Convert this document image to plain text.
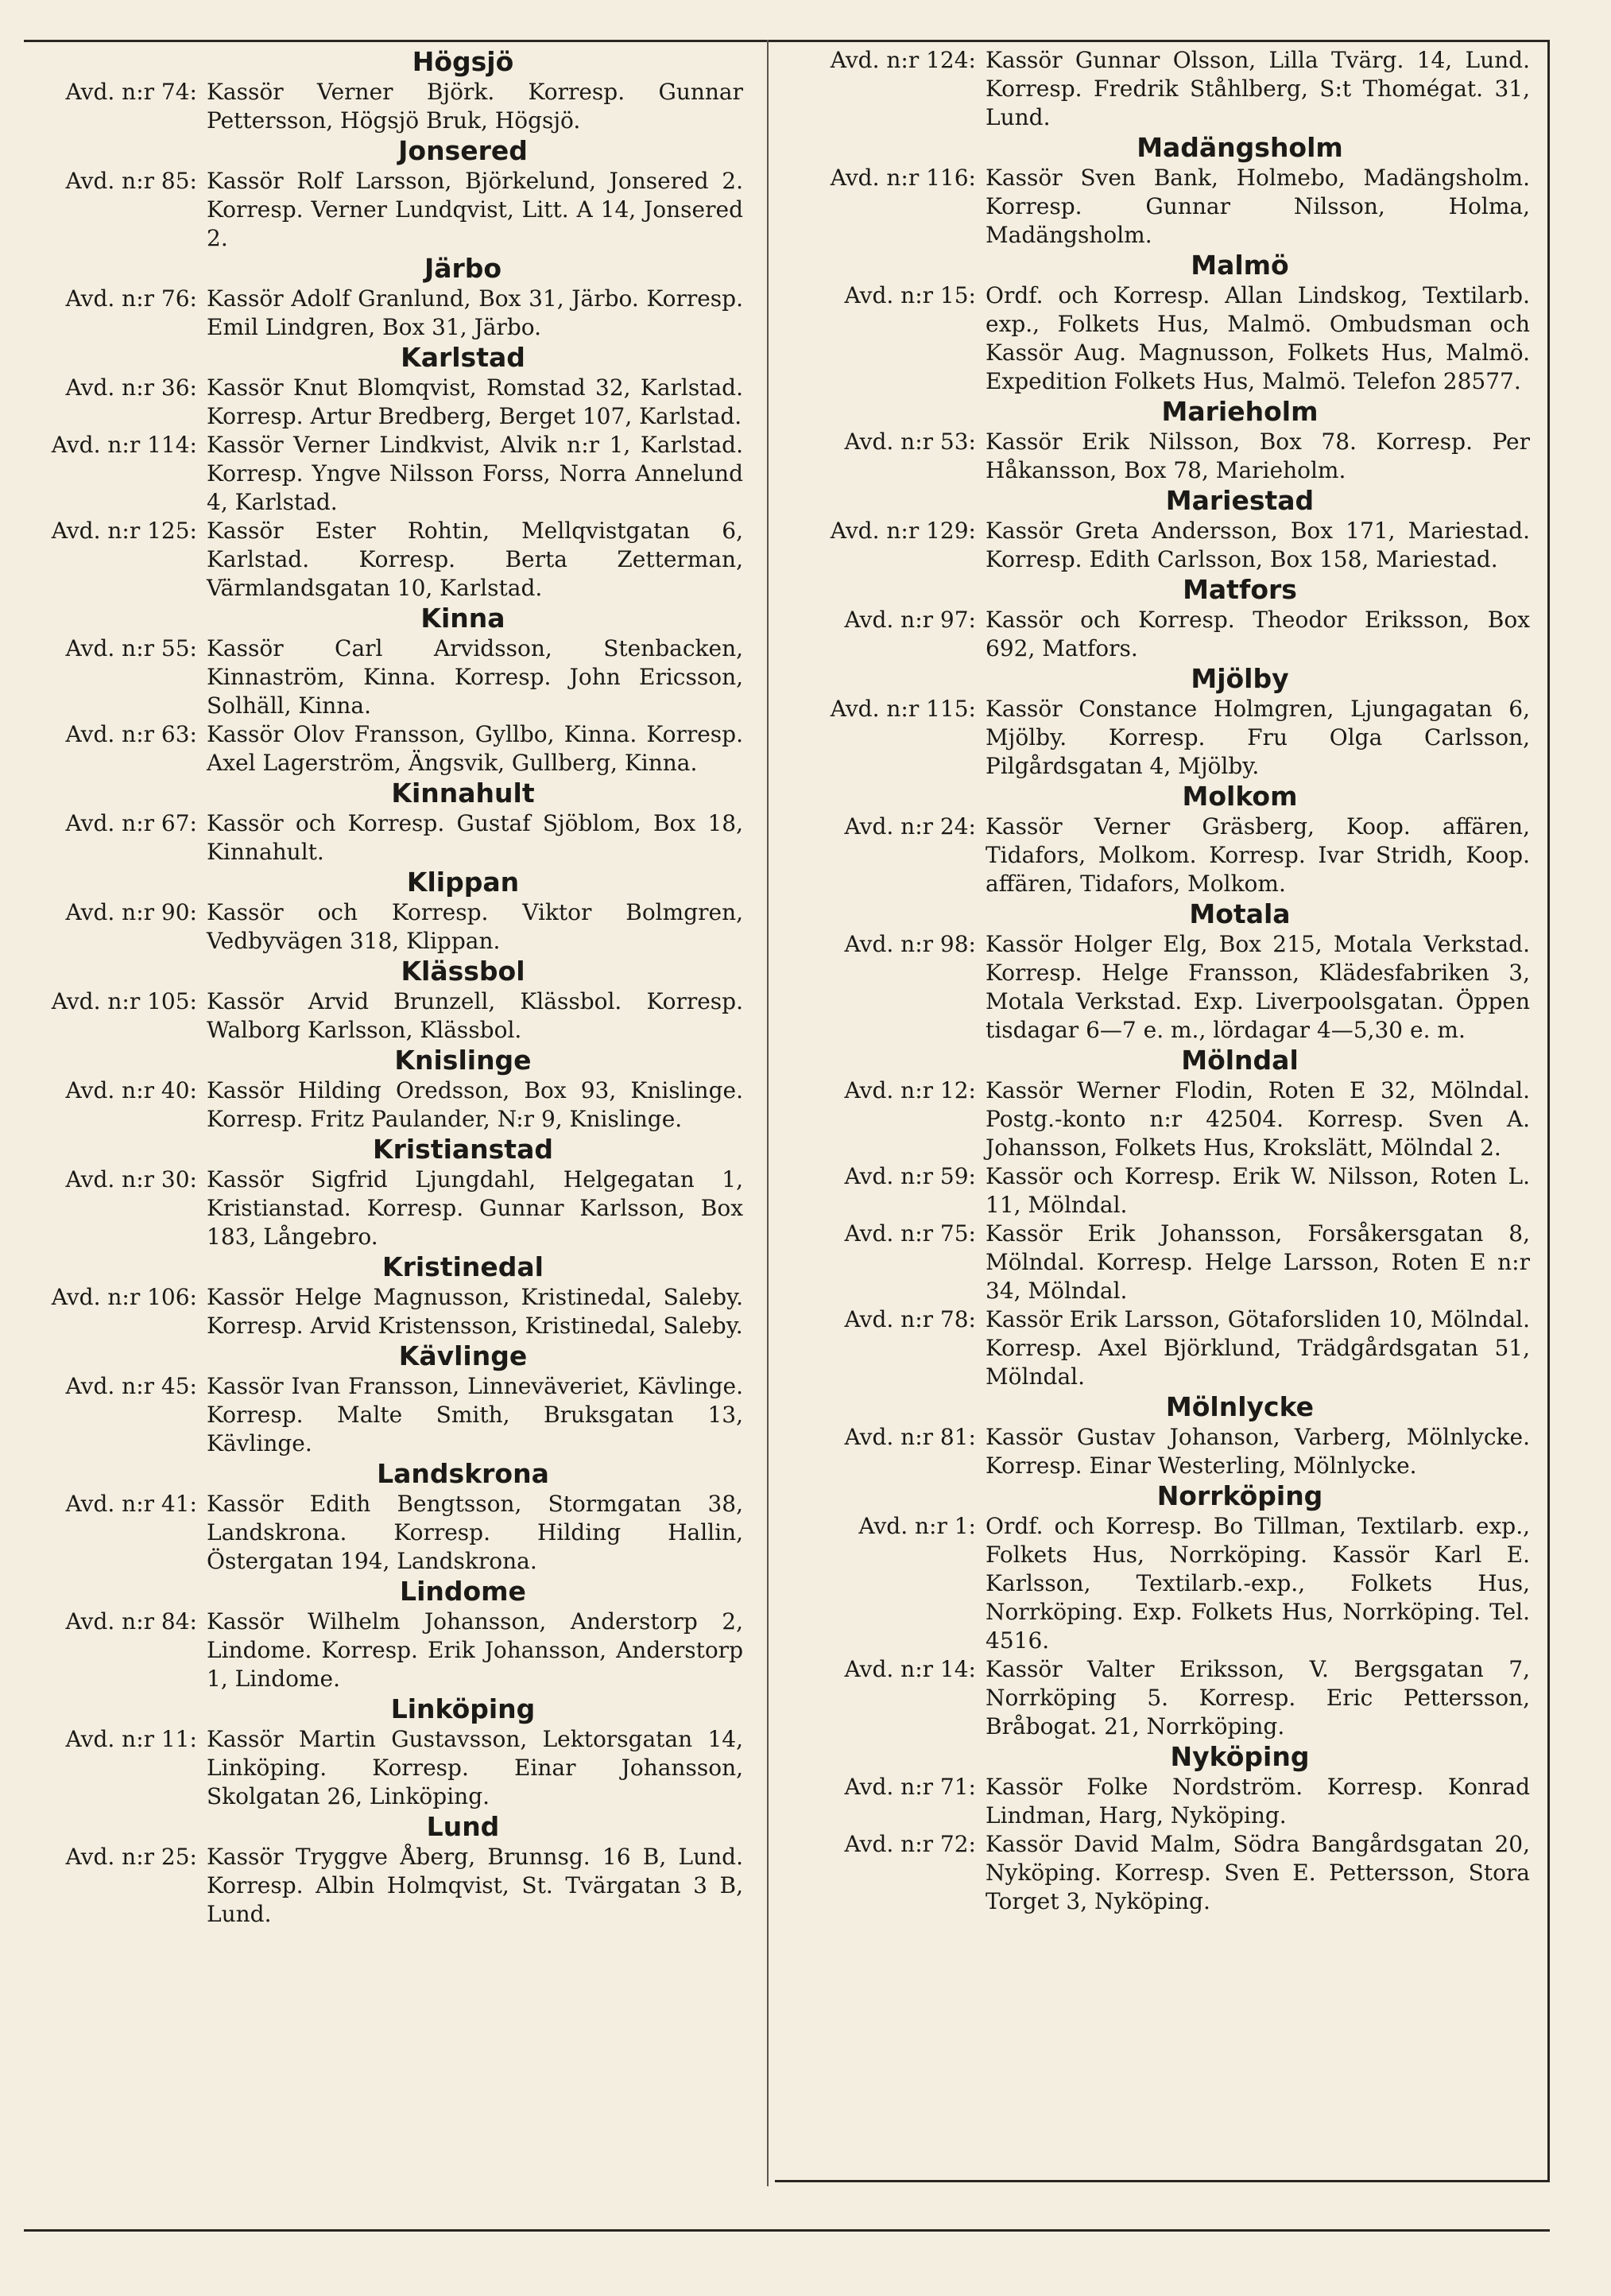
Högsjö
Avd. n:r 74: Kassör Verner Björk. Korresp. Gunnar Pettersson, Högsjö Bruk, Högsjö.
Jonsered
Avd. n:r 85: Kassör Rolf Larsson, Björkelund, Jonsered 2. Korresp. Verner Lundqvist, Litt. A 14, Jonsered 2.
Järbo
Avd. n:r 76: Kassör Adolf Granlund, Box 31, Järbo. Korresp. Emil Lindgren, Box 31, Järbo.
Karlstad
Avd. n:r 36: Kassör Knut Blomqvist, Romstad 32, Karlstad. Korresp. Artur Bredberg, Berget 107, Karlstad.
Avd. n:r 114: Kassör Verner Lindkvist, Alvik n:r 1, Karlstad. Korresp. Yngve Nilsson Forss, Norra Annelund 4, Karlstad.
Avd. n:r 125: Kassör Ester Rohtin, Mellqvistgatan 6, Karlstad. Korresp. Berta Zetterman, Värmlandsgatan 10, Karlstad.
Kinna
Avd. n:r 55: Kassör Carl Arvidsson, Stenbacken, Kinnaström, Kinna. Korresp. John Ericsson, Solhäll, Kinna.
Avd. n:r 63: Kassör Olov Fransson, Gyllbo, Kinna. Korresp. Axel Lagerström, Ängsvik, Gullberg, Kinna.
Kinnahult
Avd. n:r 67: Kassör och Korresp. Gustaf Sjöblom, Box 18, Kinnahult.
Klippan
Avd. n:r 90: Kassör och Korresp. Viktor Bolmgren, Vedbyvägen 318, Klippan.
Klässbol
Avd. n:r 105: Kassör Arvid Brunzell, Klässbol. Korresp. Walborg Karlsson, Klässbol.
Knislinge
Avd. n:r 40: Kassör Hilding Oredsson, Box 93, Knislinge. Korresp. Fritz Paulander, N:r 9, Knislinge.
Kristianstad
Avd. n:r 30: Kassör Sigfrid Ljungdahl, Helgegatan 1, Kristianstad. Korresp. Gunnar Karlsson, Box 183, Långebro.
Kristinedal
Avd. n:r 106: Kassör Helge Magnusson, Kristinedal, Saleby. Korresp. Arvid Kristensson, Kristinedal, Saleby.
Kävlinge
Avd. n:r 45: Kassör Ivan Fransson, Linneväveriet, Kävlinge. Korresp. Malte Smith, Bruksgatan 13, Kävlinge.
Landskrona
Avd. n:r 41: Kassör Edith Bengtsson, Stormgatan 38, Landskrona. Korresp. Hilding Hallin, Östergatan 194, Landskrona.
Lindome
Avd. n:r 84: Kassör Wilhelm Johansson, Anderstorp 2, Lindome. Korresp. Erik Johansson, Anderstorp 1, Lindome.
Linköping
Avd. n:r 11: Kassör Martin Gustavsson, Lektorsgatan 14, Linköping. Korresp. Einar Johansson, Skolgatan 26, Linköping.
Lund
Avd. n:r 25: Kassör Tryggve Åberg, Brunnsg. 16 B, Lund. Korresp. Albin Holmqvist, St. Tvärgatan 3 B, Lund.
Avd. n:r 124: Kassör Gunnar Olsson, Lilla Tvärg. 14, Lund. Korresp. Fredrik Ståhlberg, S:t Thomégat. 31, Lund.
Madängsholm
Avd. n:r 116: Kassör Sven Bank, Holmebo, Madängsholm. Korresp. Gunnar Nilsson, Holma, Madängsholm.
Malmö
Avd. n:r 15: Ordf. och Korresp. Allan Lindskog, Textilarb. exp., Folkets Hus, Malmö. Ombudsman och Kassör Aug. Magnusson, Folkets Hus, Malmö. Expedition Folkets Hus, Malmö. Telefon 28577.
Marieholm
Avd. n:r 53: Kassör Erik Nilsson, Box 78. Korresp. Per Håkansson, Box 78, Marieholm.
Mariestad
Avd. n:r 129: Kassör Greta Andersson, Box 171, Mariestad. Korresp. Edith Carlsson, Box 158, Mariestad.
Matfors
Avd. n:r 97: Kassör och Korresp. Theodor Eriksson, Box 692, Matfors.
Mjölby
Avd. n:r 115: Kassör Constance Holmgren, Ljungagatan 6, Mjölby. Korresp. Fru Olga Carlsson, Pilgårdsgatan 4, Mjölby.
Molkom
Avd. n:r 24: Kassör Verner Gräsberg, Koop. affären, Tidafors, Molkom. Korresp. Ivar Stridh, Koop. affären, Tidafors, Molkom.
Motala
Avd. n:r 98: Kassör Holger Elg, Box 215, Motala Verkstad. Korresp. Helge Fransson, Klädesfabriken 3, Motala Verkstad. Exp. Liverpoolsgatan. Öppen tisdagar 6—7 e. m., lördagar 4—5,30 e. m.
Mölndal
Avd. n:r 12: Kassör Werner Flodin, Roten E 32, Mölndal. Postg.-konto n:r 42504. Korresp. Sven A. Johansson, Folkets Hus, Krokslätt, Mölndal 2.
Avd. n:r 59: Kassör och Korresp. Erik W. Nilsson, Roten L. 11, Mölndal.
Avd. n:r 75: Kassör Erik Johansson, Forsåkersgatan 8, Mölndal. Korresp. Helge Larsson, Roten E n:r 34, Mölndal.
Avd. n:r 78: Kassör Erik Larsson, Götaforsliden 10, Mölndal. Korresp. Axel Björklund, Trädgårdsgatan 51, Mölndal.
Mölnlycke
Avd. n:r 81: Kassör Gustav Johanson, Varberg, Mölnlycke. Korresp. Einar Westerling, Mölnlycke.
Norrköping
Avd. n:r 1: Ordf. och Korresp. Bo Tillman, Textilarb. exp., Folkets Hus, Norrköping. Kassör Karl E. Karlsson, Textilarb.-exp., Folkets Hus, Norrköping. Exp. Folkets Hus, Norrköping. Tel. 4516.
Avd. n:r 14: Kassör Valter Eriksson, V. Bergsgatan 7, Norrköping 5. Korresp. Eric Pettersson, Bråbogat. 21, Norrköping.
Nyköping
Avd. n:r 71: Kassör Folke Nordström. Korresp. Konrad Lindman, Harg, Nyköping.
Avd. n:r 72: Kassör David Malm, Södra Bangårdsgatan 20, Nyköping. Korresp. Sven E. Pettersson, Stora Torget 3, Nyköping.
